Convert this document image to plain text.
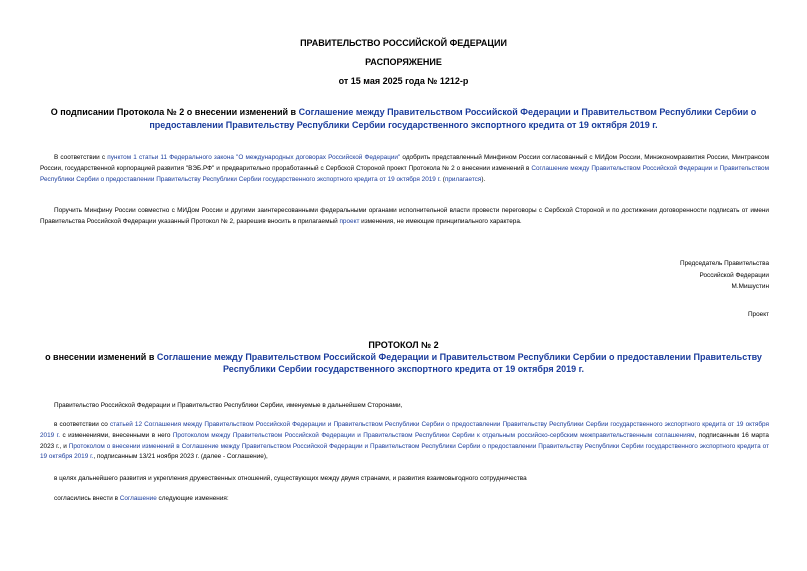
ПРАВИТЕЛЬСТВО РОССИЙСКОЙ ФЕДЕРАЦИИ
РАСПОРЯЖЕНИЕ
от 15 мая 2025 года № 1212-р
О подписании Протокола № 2 о внесении изменений в Соглашение между Правительством Российской Федерации и Правительством Республики Сербии о предоставлении Правительству Республики Сербии государственного экспортного кредита от 19 октября 2019 г.
В соответствии с пунктом 1 статьи 11 Федерального закона "О международных договорах Российской Федерации" одобрить представленный Минфином России согласованный с МИДом России, Минэкономразвития России, Минтрансом России, государственной корпорацией развития "ВЭБ.РФ" и предварительно проработанный с Сербской Стороной проект Протокола № 2 о внесении изменений в Соглашение между Правительством Российской Федерации и Правительством Республики Сербии о предоставлении Правительству Республики Сербии государственного экспортного кредита от 19 октября 2019 г. (прилагается).
Поручить Минфину России совместно с МИДом России и другими заинтересованными федеральными органами исполнительной власти провести переговоры с Сербской Стороной и по достижении договоренности подписать от имени Правительства Российской Федерации указанный Протокол № 2, разрешив вносить в прилагаемый проект изменения, не имеющие принципиального характера.
Председатель Правительства
Российской Федерации
М.Мишустин
Проект
ПРОТОКОЛ № 2
о внесении изменений в Соглашение между Правительством Российской Федерации и Правительством Республики Сербии о предоставлении Правительству Республики Сербии государственного экспортного кредита от 19 октября 2019 г.
Правительство Российской Федерации и Правительство Республики Сербии, именуемые в дальнейшем Сторонами,
в соответствии со статьей 12 Соглашения между Правительством Российской Федерации и Правительством Республики Сербии о предоставлении Правительству Республики Сербии государственного экспортного кредита от 19 октября 2019 г. с изменениями, внесенными в него Протоколом между Правительством Российской Федерации и Правительством Республики Сербии к отдельным российско-сербским межправительственным соглашениям, подписанным 16 марта 2023 г., и Протоколом о внесении изменений в Соглашение между Правительством Российской Федерации и Правительством Республики Сербии о предоставлении Правительству Республики Сербии государственного экспортного кредита от 19 октября 2019 г., подписанным 13/21 ноября 2023 г. (далее - Соглашение),
в целях дальнейшего развития и укрепления дружественных отношений, существующих между двумя странами, и развития взаимовыгодного сотрудничества
согласились внести в Соглашение следующие изменения:
